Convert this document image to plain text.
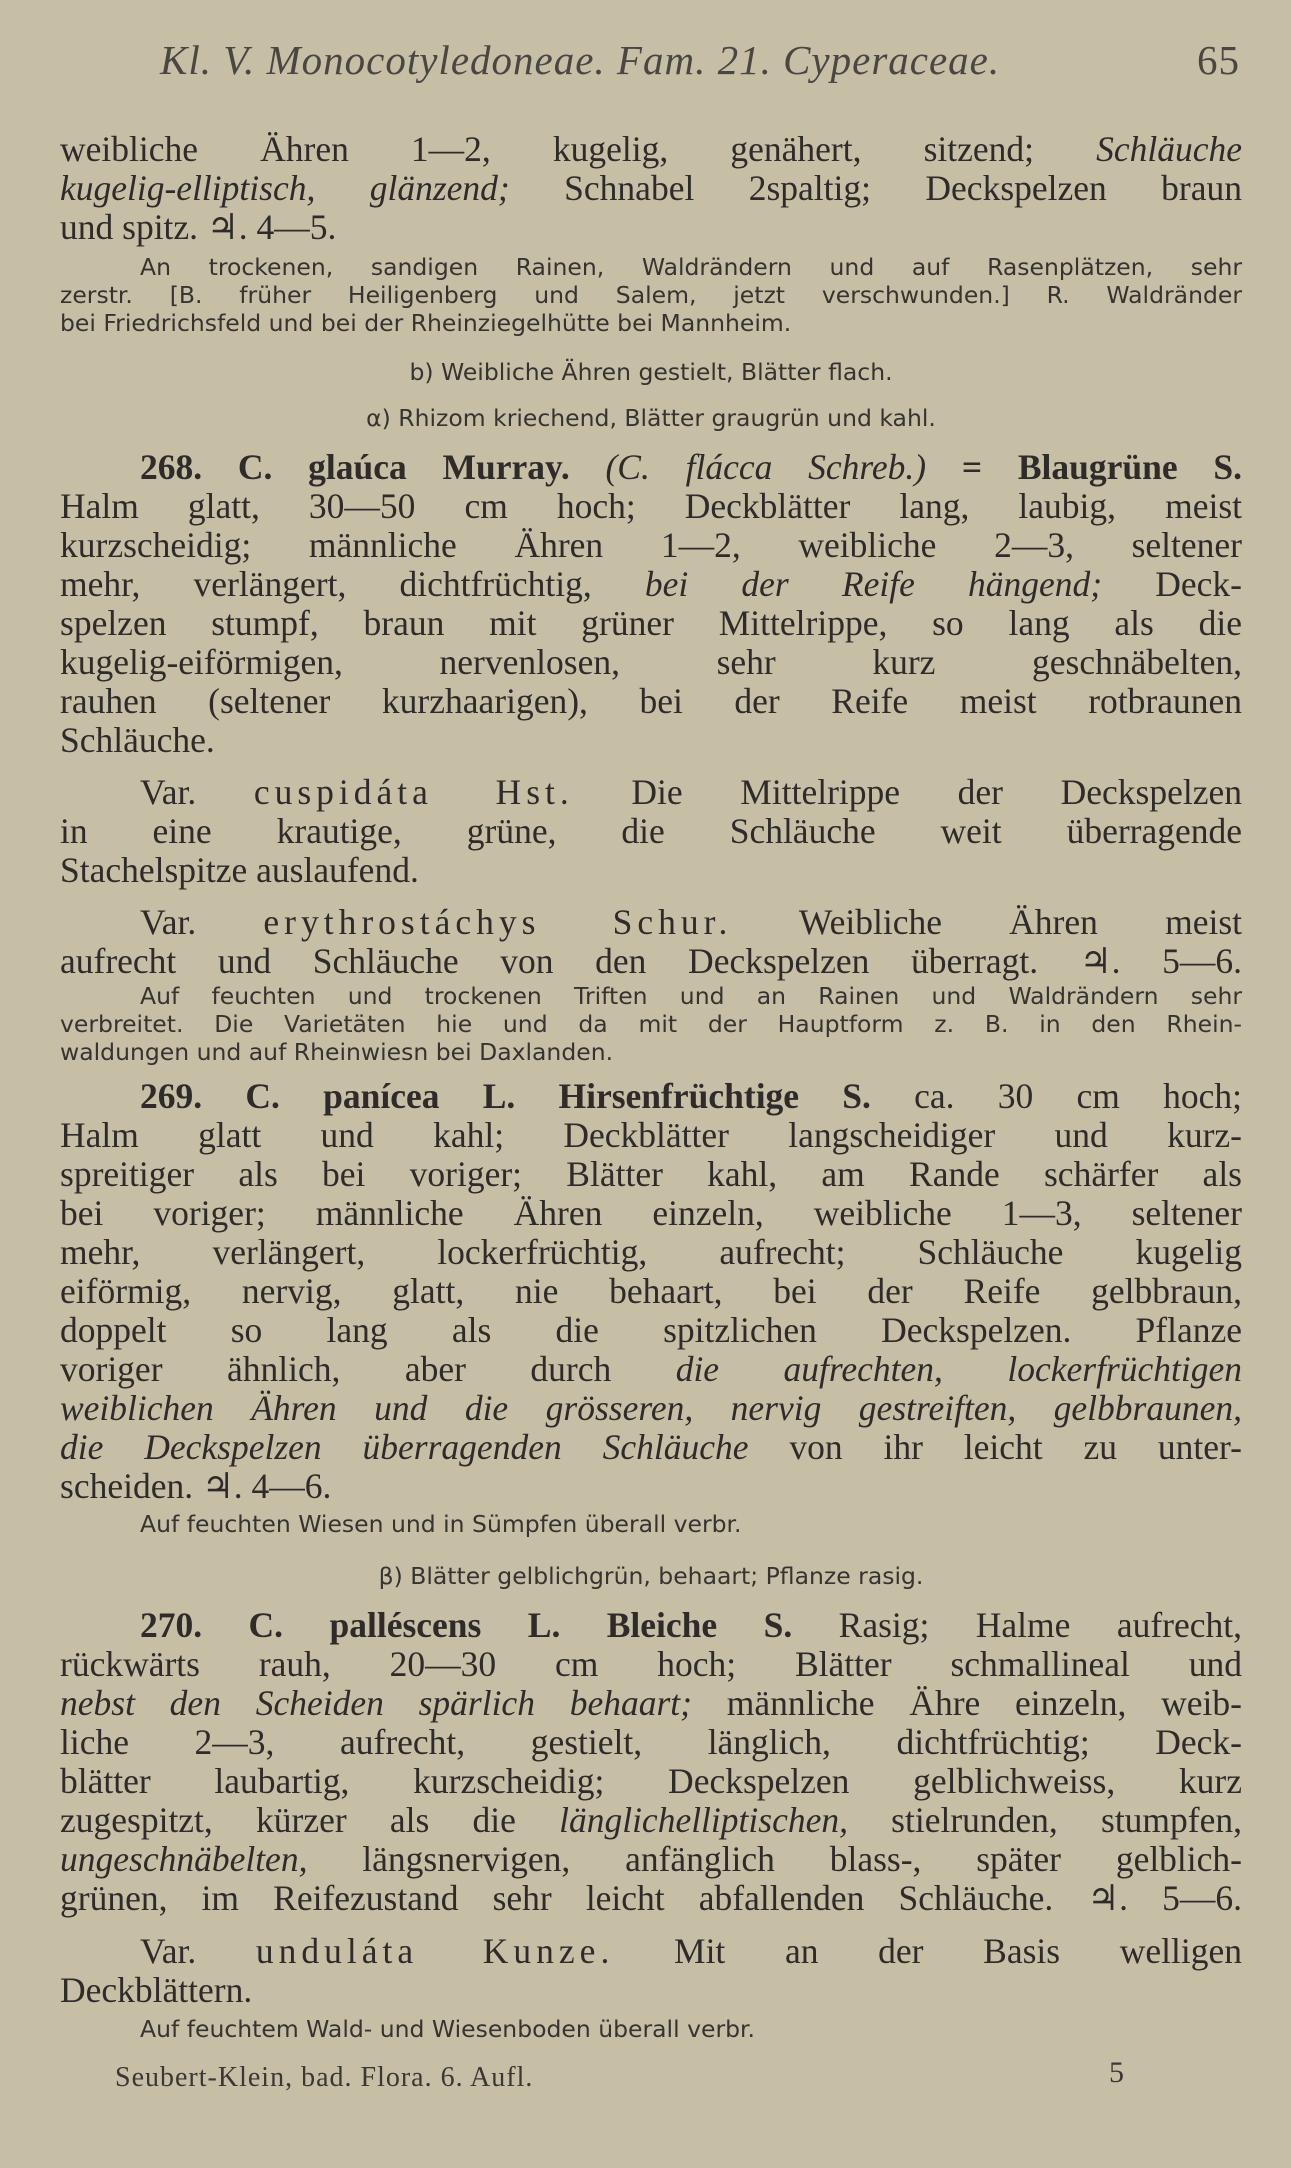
Kl. V. Monocotyledoneae. Fam. 21. Cyperaceae.	65
weibliche Ähren 1—2, kugelig, genähert, sitzend; Schläuche
kugelig-elliptisch, glänzend; Schnabel 2spaltig; Deckspelzen braun
und spitz. ♃. 4—5.
An trockenen, sandigen Rainen, Waldrändern und auf Rasenplätzen, sehr
zerstr. [B. früher Heiligenberg und Salem, jetzt verschwunden.] R. Waldränder
bei Friedrichsfeld und bei der Rheinziegelhütte bei Mannheim.
b) Weibliche Ähren gestielt, Blätter flach.
α) Rhizom kriechend, Blätter graugrün und kahl.
268. C. glaúca Murray. (C. flácca Schreb.) = Blaugrüne S.
Halm glatt, 30—50 cm hoch; Deckblätter lang, laubig, meist
kurzscheidig; männliche Ähren 1—2, weibliche 2—3, seltener
mehr, verlängert, dichtfrüchtig, bei der Reife hängend; Deck-
spelzen stumpf, braun mit grüner Mittelrippe, so lang als die
kugelig-eiförmigen, nervenlosen, sehr kurz geschnäbelten,
rauhen (seltener kurzhaarigen), bei der Reife meist rotbraunen
Schläuche.
Var. cuspidáta Hst. Die Mittelrippe der Deckspelzen
in eine krautige, grüne, die Schläuche weit überragende
Stachelspitze auslaufend.
Var. erythrostáchys Schur. Weibliche Ähren meist
aufrecht und Schläuche von den Deckspelzen überragt. ♃. 5—6.
Auf feuchten und trockenen Triften und an Rainen und Waldrändern sehr
verbreitet. Die Varietäten hie und da mit der Hauptform z. B. in den Rhein-
waldungen und auf Rheinwiesn bei Daxlanden.
269. C. panícea L. Hirsenfrüchtige S. ca. 30 cm hoch;
Halm glatt und kahl; Deckblätter langscheidiger und kurz-
spreitiger als bei voriger; Blätter kahl, am Rande schärfer als
bei voriger; männliche Ähren einzeln, weibliche 1—3, seltener
mehr, verlängert, lockerfrüchtig, aufrecht; Schläuche kugelig
eiförmig, nervig, glatt, nie behaart, bei der Reife gelbbraun,
doppelt so lang als die spitzlichen Deckspelzen. Pflanze
voriger ähnlich, aber durch die aufrechten, lockerfrüchtigen
weiblichen Ähren und die grösseren, nervig gestreiften, gelbbraunen,
die Deckspelzen überragenden Schläuche von ihr leicht zu unter-
scheiden. ♃. 4—6.
Auf feuchten Wiesen und in Sümpfen überall verbr.
β) Blätter gelblichgrün, behaart; Pflanze rasig.
270. C. palléscens L. Bleiche S. Rasig; Halme aufrecht,
rückwärts rauh, 20—30 cm hoch; Blätter schmallineal und
nebst den Scheiden spärlich behaart; männliche Ähre einzeln, weib-
liche 2—3, aufrecht, gestielt, länglich, dichtfrüchtig; Deck-
blätter laubartig, kurzscheidig; Deckspelzen gelblichweiss, kurz
zugespitzt, kürzer als die länglichelliptischen, stielrunden, stumpfen,
ungeschnäbelten, längsnervigen, anfänglich blass-, später gelblich-
grünen, im Reifezustand sehr leicht abfallenden Schläuche. ♃. 5—6.
Var. unduláta Kunze. Mit an der Basis welligen
Deckblättern.
Auf feuchtem Wald- und Wiesenboden überall verbr.
Seubert-Klein, bad. Flora. 6. Aufl.	5
